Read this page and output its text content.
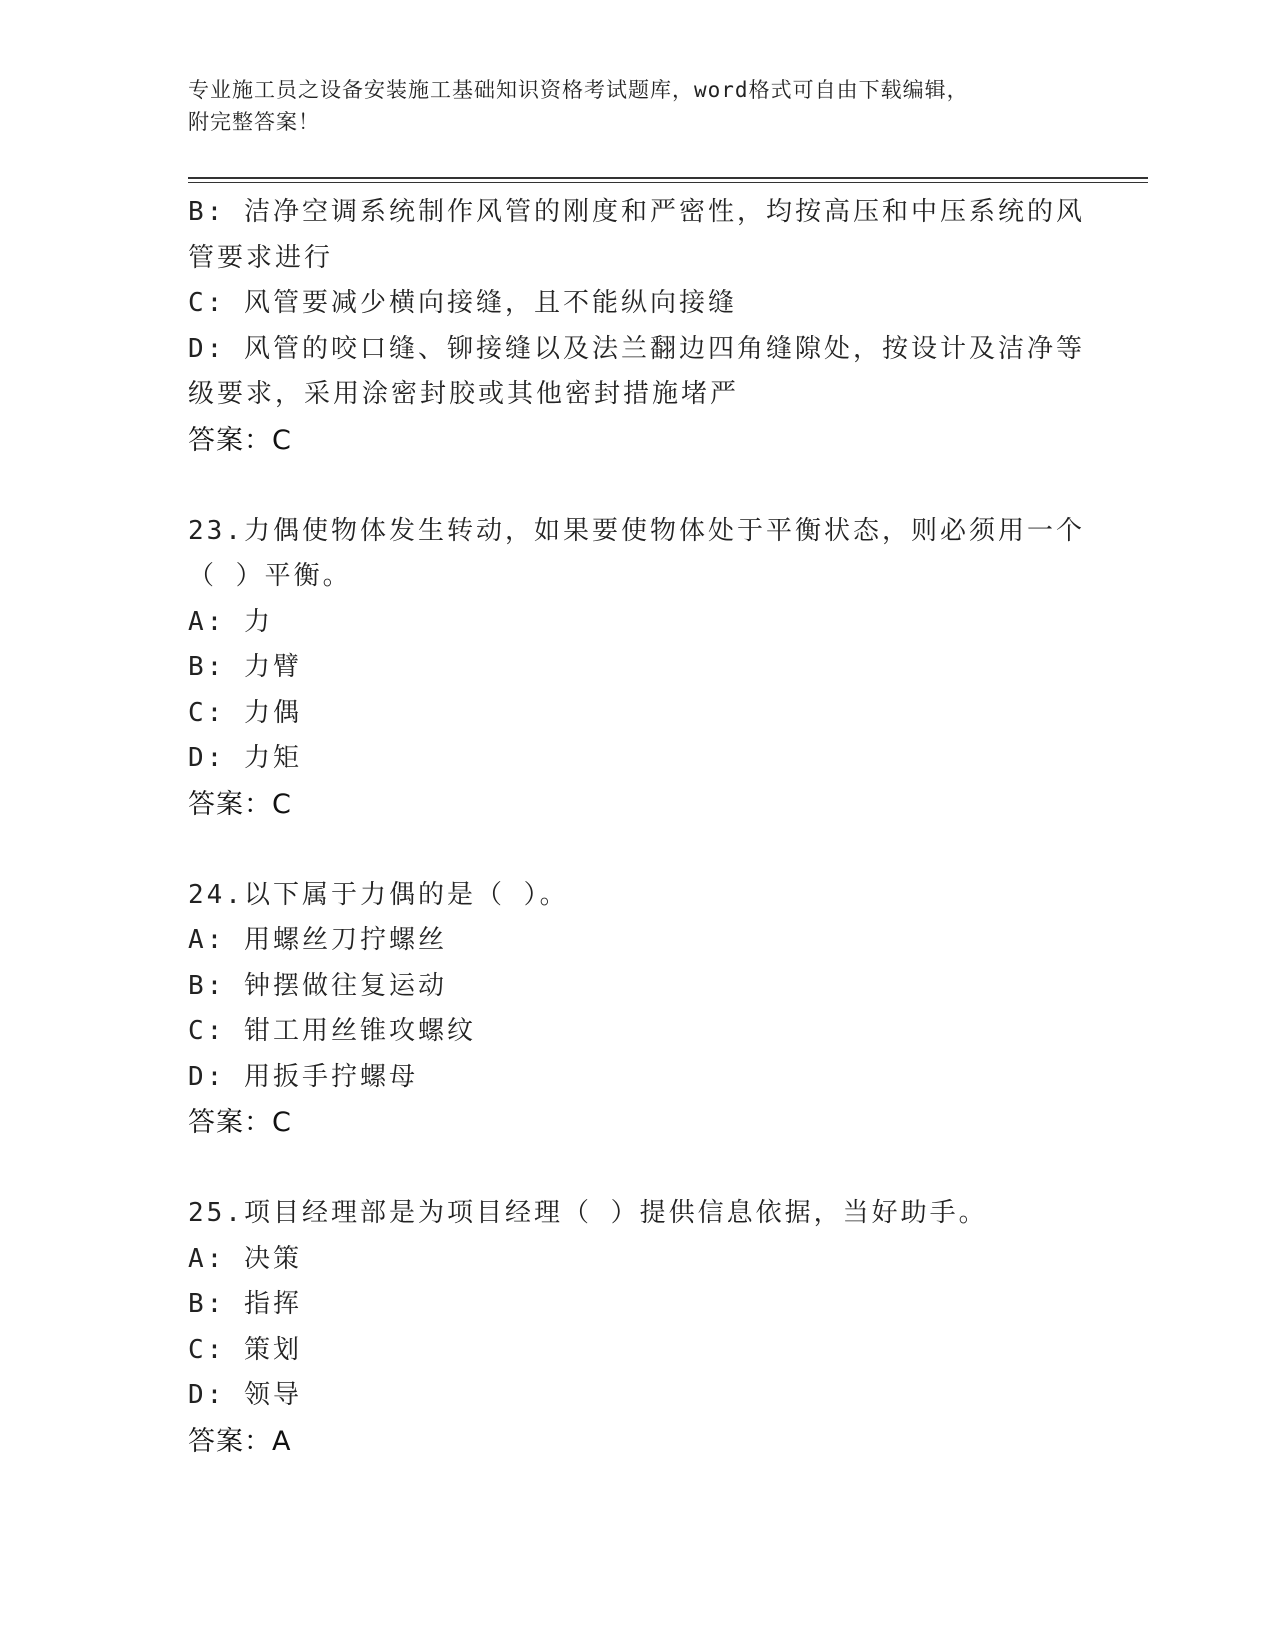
专业施工员之设备安装施工基础知识资格考试题库，word格式可自由下载编辑，
附完整答案！
B: 洁净空调系统制作风管的刚度和严密性，均按高压和中压系统的风
管要求进行
C: 风管要减少横向接缝，且不能纵向接缝
D: 风管的咬口缝、铆接缝以及法兰翻边四角缝隙处，按设计及洁净等
级要求，采用涂密封胶或其他密封措施堵严
答案：C
23.力偶使物体发生转动，如果要使物体处于平衡状态，则必须用一个
（ ）平衡。
A: 力
B: 力臂
C: 力偶
D: 力矩
答案：C
24.以下属于力偶的是（ ）。
A: 用螺丝刀拧螺丝
B: 钟摆做往复运动
C: 钳工用丝锥攻螺纹
D: 用扳手拧螺母
答案：C
25.项目经理部是为项目经理（ ）提供信息依据，当好助手。
A: 决策
B: 指挥
C: 策划
D: 领导
答案：A
